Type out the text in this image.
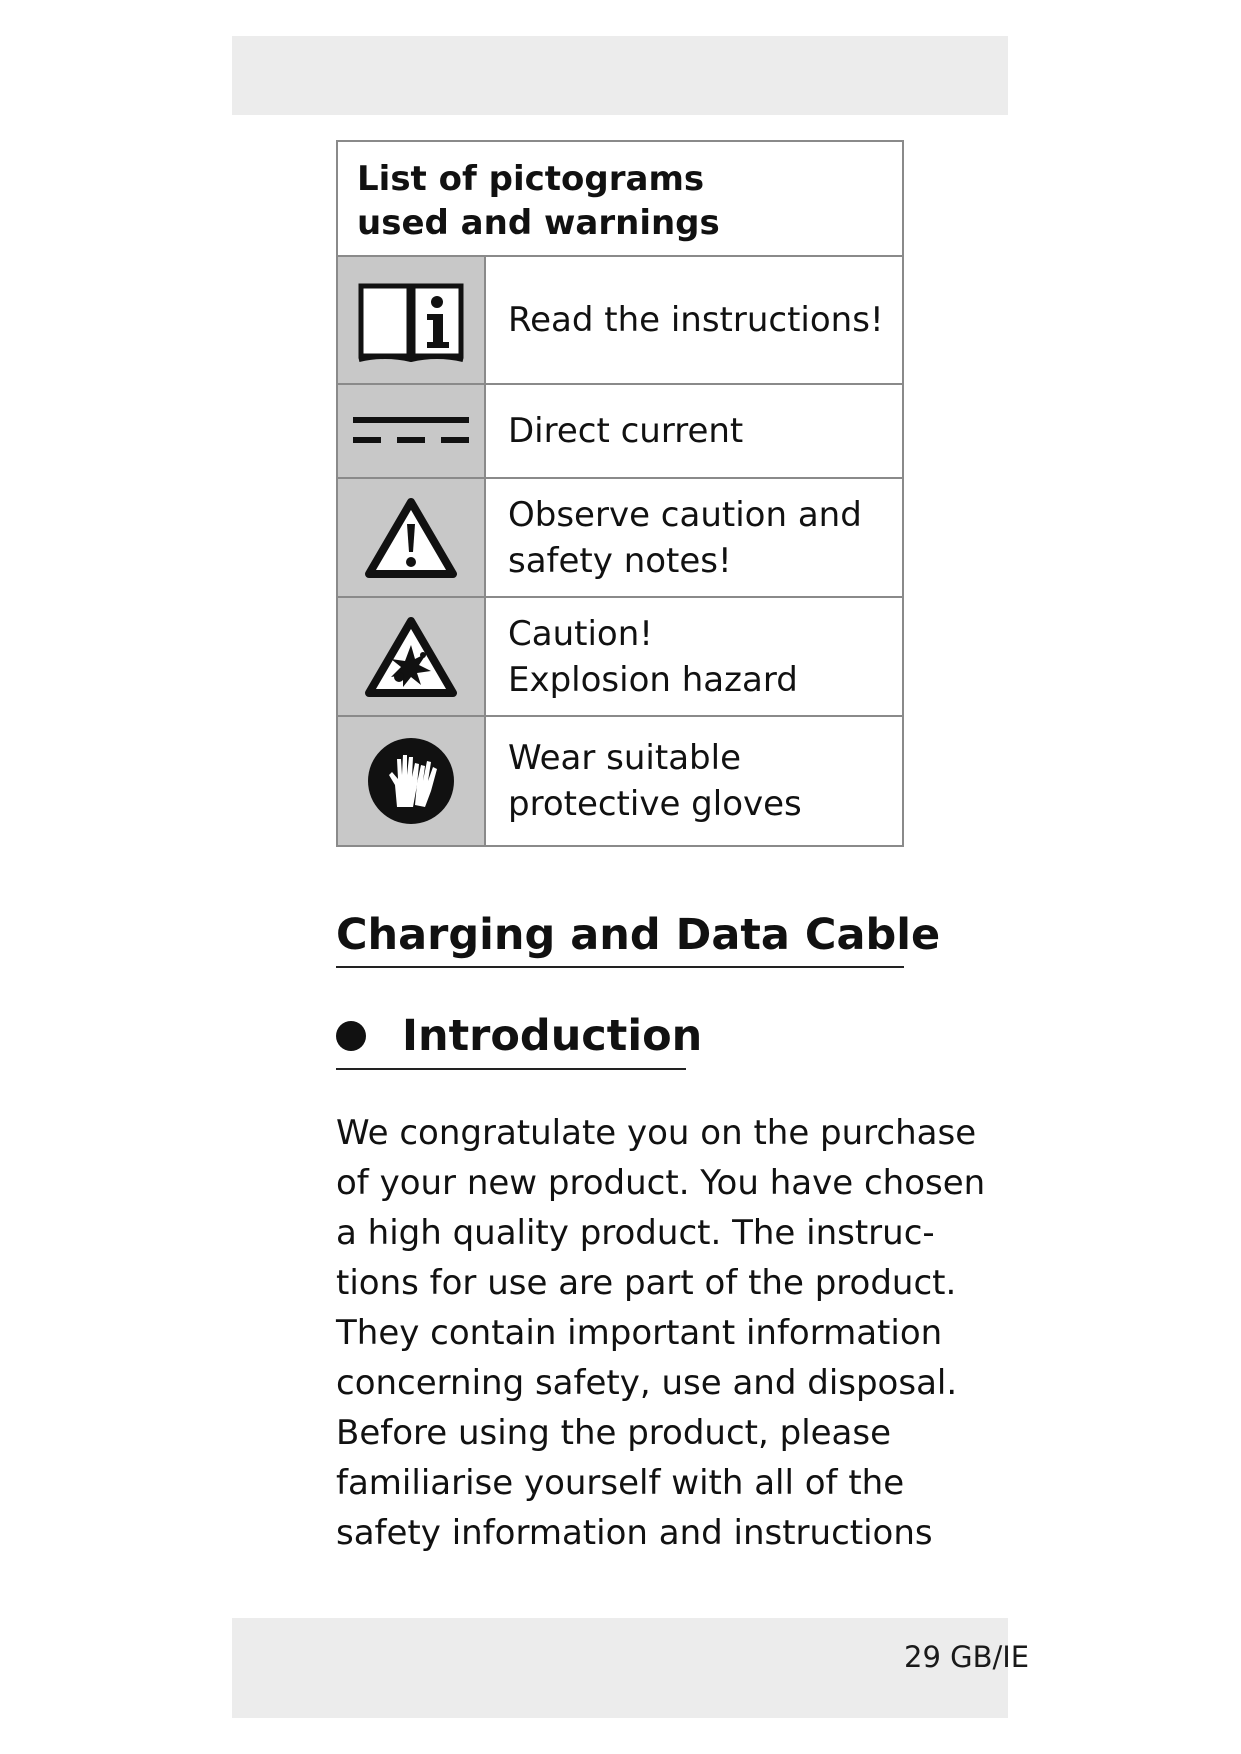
List of pictograms
used and warnings
Read the instructions!
Direct current
Observe caution and
safety notes!
Caution!
Explosion hazard
Wear suitable
protective gloves
Charging and Data Cable
Introduction
We congratulate you on the purchase
of your new product. You have chosen
a high quality product. The instruc-
tions for use are part of the product.
They contain important information
concerning safety, use and disposal.
Before using the product, please
familiarise yourself with all of the
safety information and instructions
29 GB/IE
